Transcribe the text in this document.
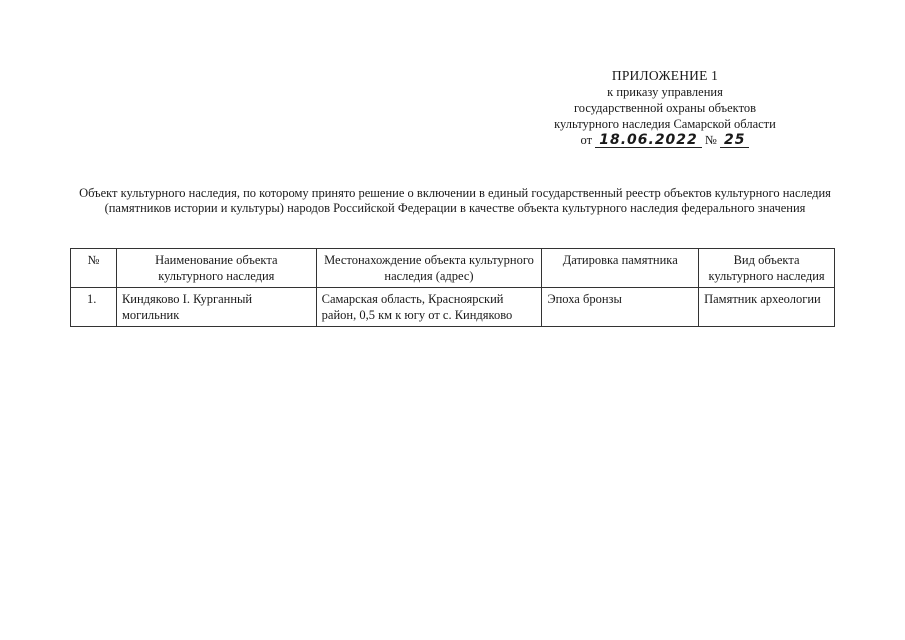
ПРИЛОЖЕНИЕ 1
к приказу управления
государственной охраны объектов
культурного наследия Самарской области
от 18.06.2022 № 25
Объект культурного наследия, по которому принято решение о включении в единый государственный реестр объектов культурного наследия (памятников истории и культуры) народов Российской Федерации в качестве объекта культурного наследия федерального значения
№	Наименование объекта культурного наследия	Местонахождение объекта культурного наследия (адрес)	Датировка памятника	Вид объекта культурного наследия
1.	Киндяково I. Курганный могильник	Самарская область, Красноярский район, 0,5 км к югу от с. Киндяково	Эпоха бронзы	Памятник археологии
